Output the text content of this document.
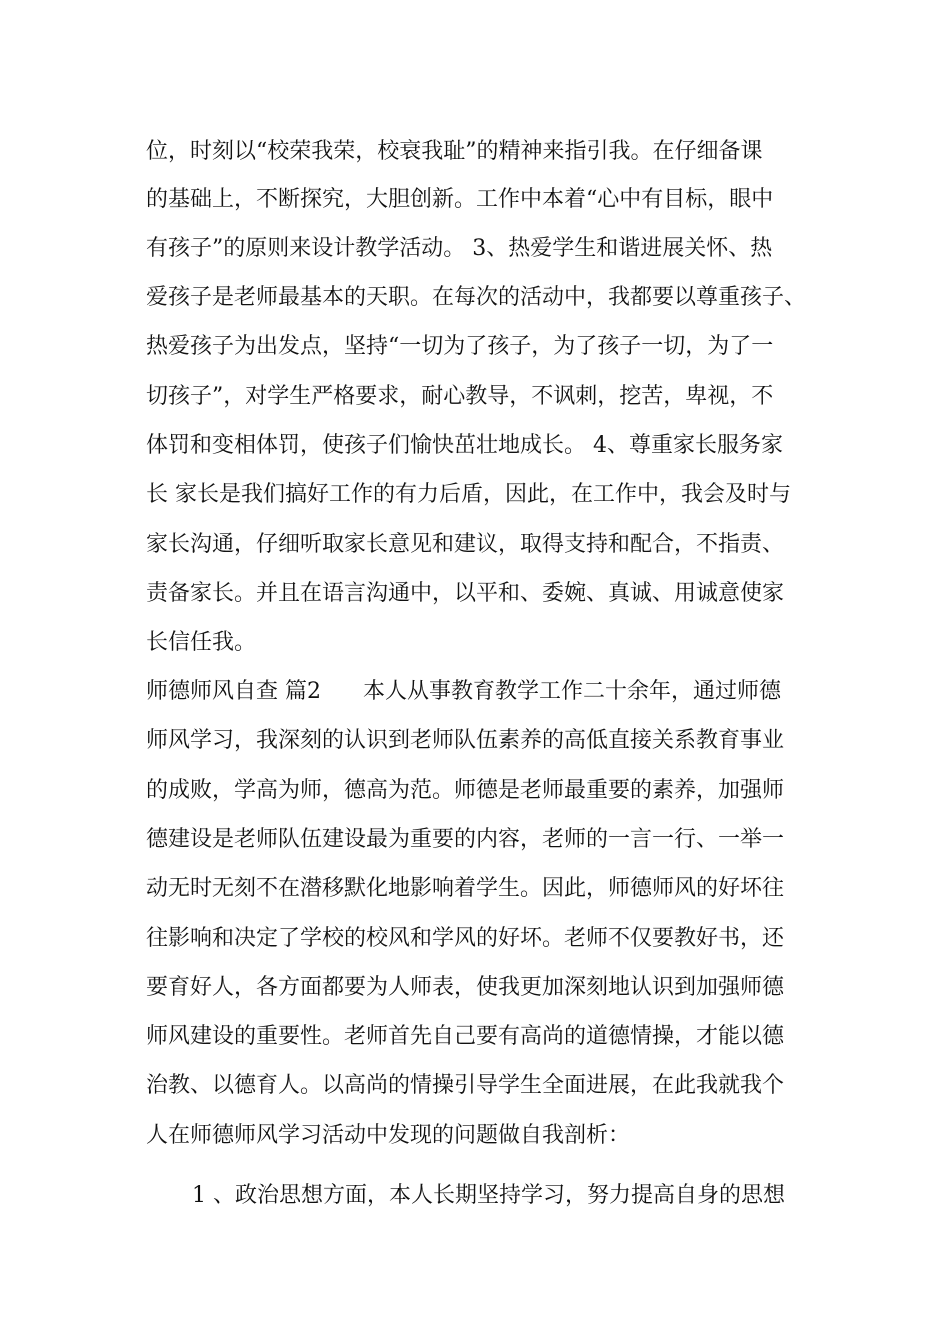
位，时刻以“校荣我荣，校衰我耻”的精神来指引我。在仔细备课
的基础上，不断探究，大胆创新。工作中本着“心中有目标，眼中
有孩子”的原则来设计教学活动。 3、热爱学生和谐进展关怀、热
爱孩子是老师最基本的天职。在每次的活动中，我都要以尊重孩子、
热爱孩子为出发点，坚持“一切为了孩子，为了孩子一切，为了一
切孩子”，对学生严格要求，耐心教导，不讽刺，挖苦，卑视，不
体罚和变相体罚，使孩子们愉快茁壮地成长。 4、尊重家长服务家
长 家长是我们搞好工作的有力后盾，因此，在工作中，我会及时与
家长沟通，仔细听取家长意见和建议，取得支持和配合，不指责、
责备家长。并且在语言沟通中，以平和、委婉、真诚、用诚意使家
长信任我。
师德师风自查 篇2      本人从事教育教学工作二十余年，通过师德
师风学习，我深刻的认识到老师队伍素养的高低直接关系教育事业
的成败，学高为师，德高为范。师德是老师最重要的素养，加强师
德建设是老师队伍建设最为重要的内容，老师的一言一行、一举一
动无时无刻不在潜移默化地影响着学生。因此，师德师风的好坏往
往影响和决定了学校的校风和学风的好坏。老师不仅要教好书，还
要育好人，各方面都要为人师表，使我更加深刻地认识到加强师德
师风建设的重要性。老师首先自己要有高尚的道德情操，才能以德
治教、以德育人。以高尚的情操引导学生全面进展，在此我就我个
人在师德师风学习活动中发现的问题做自我剖析：
1 、政治思想方面，本人长期坚持学习，努力提高自身的思想
